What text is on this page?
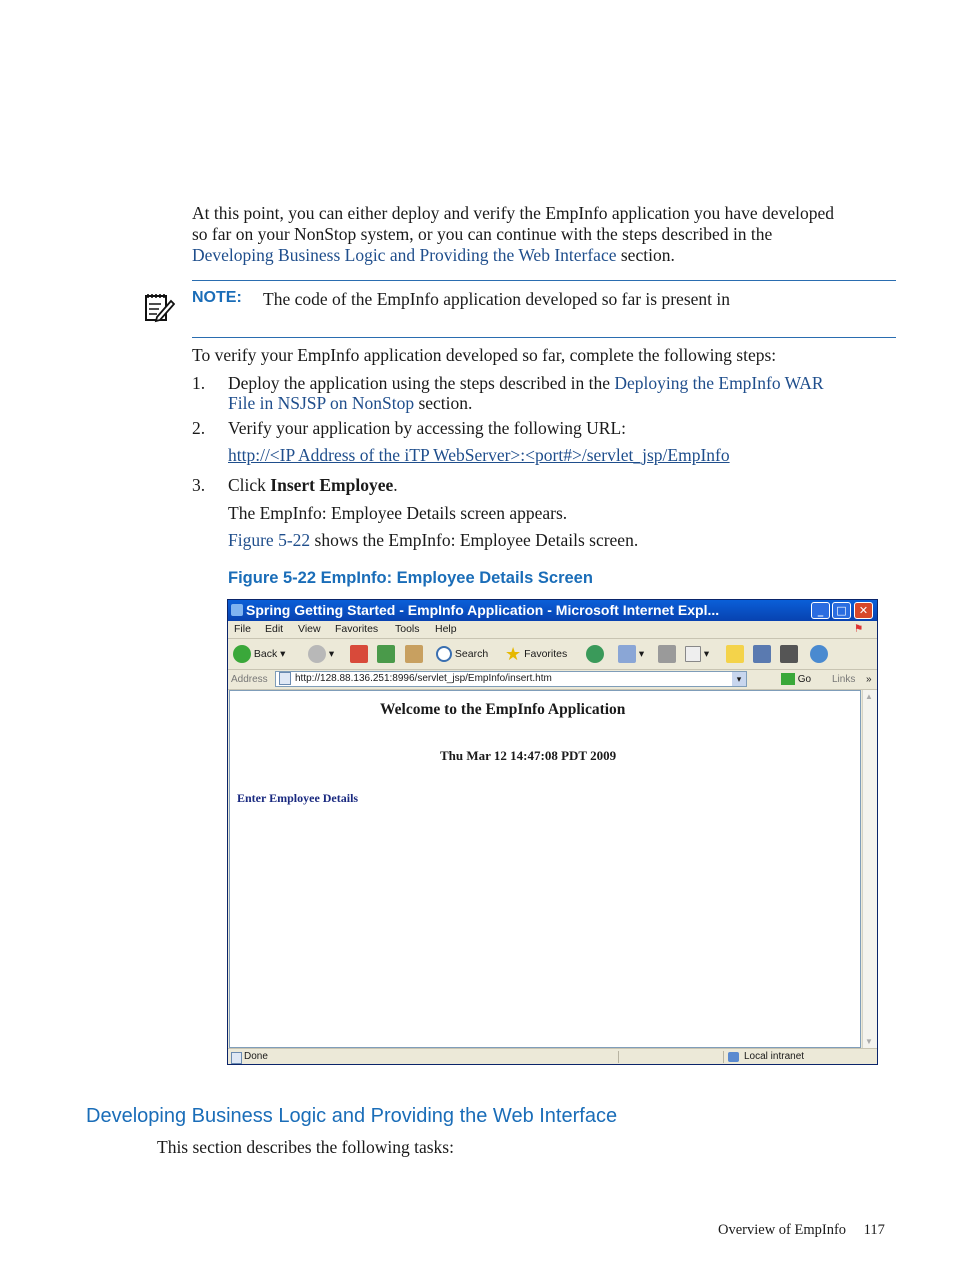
At this point, you can either deploy and verify the EmpInfo application you have developed
so far on your NonStop system, or you can continue with the steps described in the
Developing Business Logic and Providing the Web Interface section.
NOTE: The code of the EmpInfo application developed so far is present in
To verify your EmpInfo application developed so far, complete the following steps:
1. Deploy the application using the steps described in the Deploying the EmpInfo WAR
File in NSJSP on NonStop section.
2. Verify your application by accessing the following URL:
http://<IP Address of the iTP WebServer>:<port#>/servlet_jsp/EmpInfo
3. Click Insert Employee.
The EmpInfo: Employee Details screen appears.
Figure 5-22 shows the EmpInfo: Employee Details screen.
Figure 5-22 EmpInfo: Employee Details Screen
Spring Getting Started - EmpInfo Application - Microsoft Internet Expl...	_	□	✕
File Edit View Favorites Tools Help	⚑
Back ▾	▾	Search ★ Favorites	▾	▾
Address	http://128.88.136.251:8996/servlet_jsp/EmpInfo/insert.htm	▾	Go Links »
Welcome to the EmpInfo Application
Thu Mar 12 14:47:08 PDT 2009
Enter Employee Details
▲
▼
Done	Local intranet
Developing Business Logic and Providing the Web Interface
This section describes the following tasks:
Overview of EmpInfo 117
